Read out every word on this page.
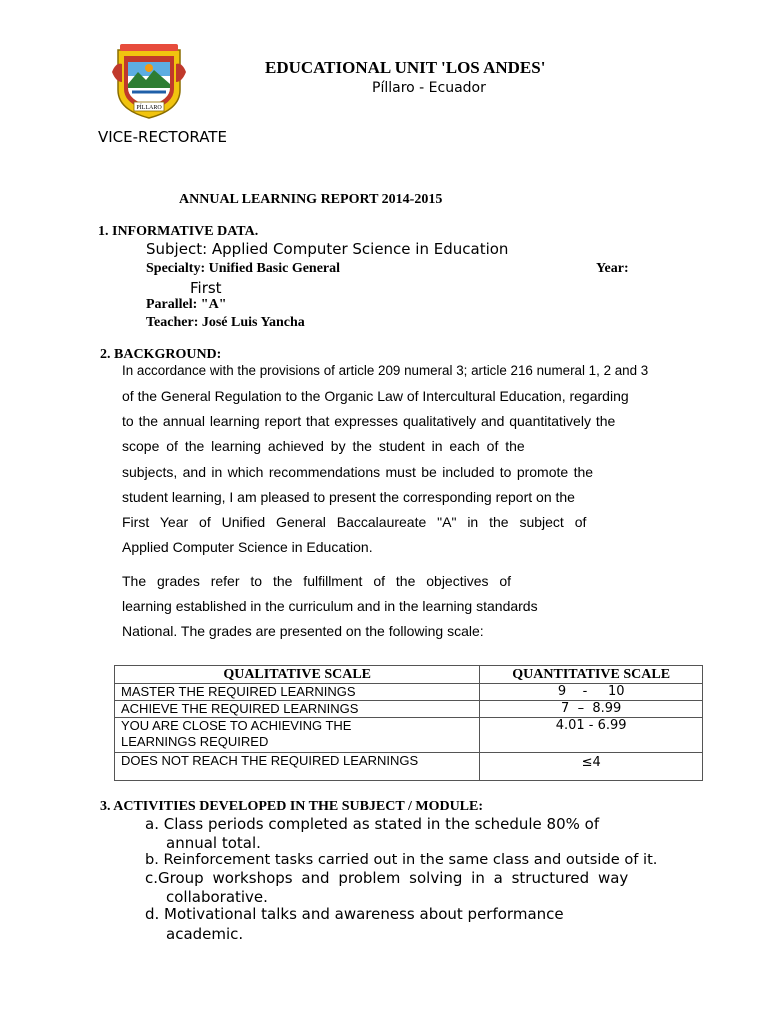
PÍLLARO
EDUCATIONAL UNIT 'LOS ANDES'
Píllaro - Ecuador
VICE-RECTORATE
ANNUAL LEARNING REPORT 2014-2015
1. INFORMATIVE DATA.
Subject: Applied Computer Science in Education
Specialty: Unified Basic General	Year:
First
Parallel: "A"
Teacher: José Luis Yancha
2. BACKGROUND:
In accordance with the provisions of article 209 numeral 3; article 216 numeral 1, 2 and 3
of the General Regulation to the Organic Law of Intercultural Education, regarding
to the annual learning report that expresses qualitatively and quantitatively the
scope of the learning achieved by the student in each of the
subjects, and in which recommendations must be included to promote the
student learning, I am pleased to present the corresponding report on the
First Year of Unified General Baccalaureate "A" in the subject of
Applied Computer Science in Education.
The grades refer to the fulfillment of the objectives of
learning established in the curriculum and in the learning standards
National. The grades are presented on the following scale:
QUALITATIVE SCALE	QUANTITATIVE SCALE
MASTER THE REQUIRED LEARNINGS	9    -     10
ACHIEVE THE REQUIRED LEARNINGS	7  –  8.99
YOU ARE CLOSE TO ACHIEVING THE LEARNINGS REQUIRED	4.01 - 6.99
DOES NOT REACH THE REQUIRED LEARNINGS	≤4
3. ACTIVITIES DEVELOPED IN THE SUBJECT / MODULE:
a. Class periods completed as stated in the schedule 80% of
annual total.
b. Reinforcement tasks carried out in the same class and outside of it.
c.Group workshops and problem solving in a structured way
collaborative.
d. Motivational talks and awareness about performance
academic.
